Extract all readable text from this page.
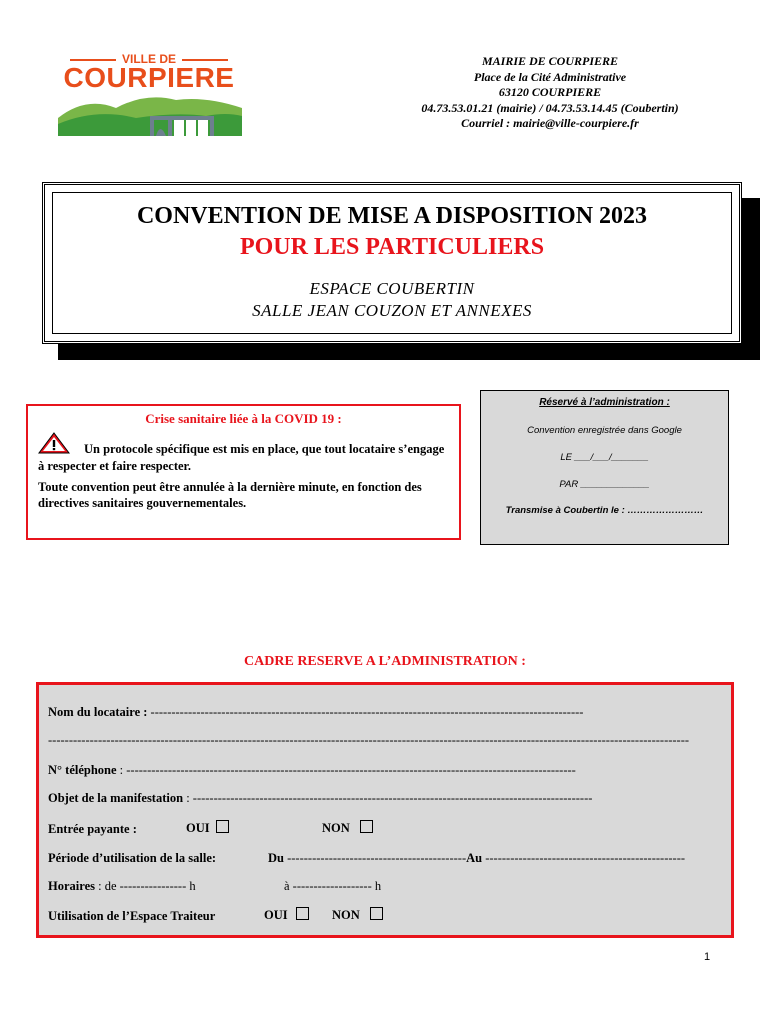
VILLE DE
COURPIERE
MAIRIE DE COURPIERE
Place de la Cité Administrative
63120 COURPIERE
04.73.53.01.21 (mairie) / 04.73.53.14.45 (Coubertin)
Courriel : mairie@ville-courpiere.fr
CONVENTION DE MISE A DISPOSITION 2023
POUR LES PARTICULIERS
ESPACE COUBERTIN
SALLE JEAN COUZON ET ANNEXES
Crise sanitaire liée à la COVID 19 :
Un protocole spécifique est mis en place, que tout locataire s’engage à respecter et faire respecter.
Toute convention peut être annulée à la dernière minute, en fonction des directives sanitaires gouvernementales.
Réservé à l’administration :
Convention enregistrée dans Google
LE ___/___/_______
PAR _____________
Transmise à Coubertin le : ……………………
CADRE RESERVE A L’ADMINISTRATION :
Nom du locataire : --------------------------------------------------------------------------------------------------------
----------------------------------------------------------------------------------------------------------------------------------------------------------
N° téléphone : ------------------------------------------------------------------------------------------------------------
Objet de la manifestation : ------------------------------------------------------------------------------------------------
Entrée payante :	OUI	NON
Période d’utilisation de la salle:	Du -------------------------------------------Au ------------------------------------------------
Horaires : de ---------------- h	à ------------------- h
Utilisation de l’Espace Traiteur	OUI	NON
1
